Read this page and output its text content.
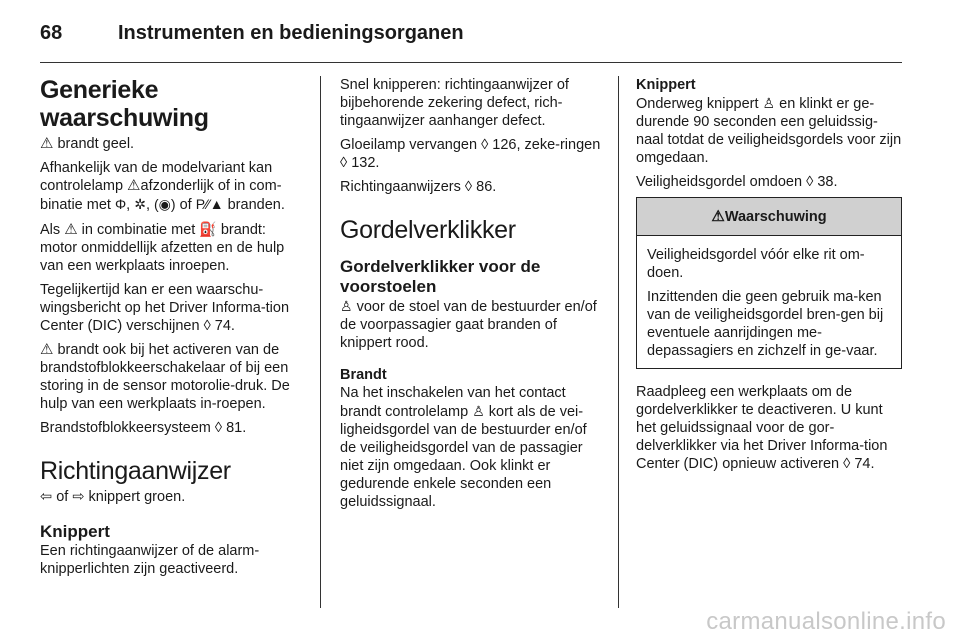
68	Instrumenten en bedieningsorganen
Generieke waarschuwing

⚠ brandt geel.

Afhankelijk van de modelvariant kan controlelamp ⚠afzonderlijk of in com-binatie met Φ, ✲, (◉) of P⁄⁄▲ branden.

Als ⚠ in combinatie met ⛽ brandt: motor onmiddellijk afzetten en de hulp van een werkplaats inroepen.

Tegelijkertijd kan er een waarschu-wingsbericht op het Driver Informa-tion Center (DIC) verschijnen ◊ 74.

⚠ brandt ook bij het activeren van de brandstofblokkeerschakelaar of bij een storing in de sensor motorolie-druk. De hulp van een werkplaats in-roepen.

Brandstofblokkeersysteem ◊ 81.

Richtingaanwijzer

⇦ of ⇨ knippert groen.

Knippert

Een richtingaanwijzer of de alarm-knipperlichten zijn geactiveerd.

Snel knipperen: richtingaanwijzer of bijbehorende zekering defect, rich-tingaanwijzer aanhanger defect.

Gloeilamp vervangen ◊ 126, zeke-ringen ◊ 132.

Richtingaanwijzers ◊ 86.

Gordelverklikker
Gordelverklikker voor de voorstoelen

♙ voor de stoel van de bestuurder en/of de voorpassagier gaat branden of knippert rood.

Brandt

Na het inschakelen van het contact brandt controlelamp ♙ kort als de vei-ligheidsgordel van de bestuurder en/of de veiligheidsgordel van de passagier niet zijn omgedaan. Ook klinkt er gedurende enkele seconden een geluidssignaal.

Knippert

Onderweg knippert ♙ en klinkt er ge-durende 90 seconden een geluidssig-naal totdat de veiligheidsgordels voor zijn omgedaan.

Veiligheidsgordel omdoen ◊ 38.

⚠Waarschuwing

Veiligheidsgordel vóór elke rit om-doen.

Inzittenden die geen gebruik ma-ken van de veiligheidsgordel bren-gen bij eventuele aanrijdingen me-depassagiers en zichzelf in ge-vaar.

Raadpleeg een werkplaats om de gordelverklikker te deactiveren. U kunt het geluidssignaal voor de gor-delverklikker via het Driver Informa-tion Center (DIC) opnieuw activeren ◊ 74.

carmanualsonline.info
